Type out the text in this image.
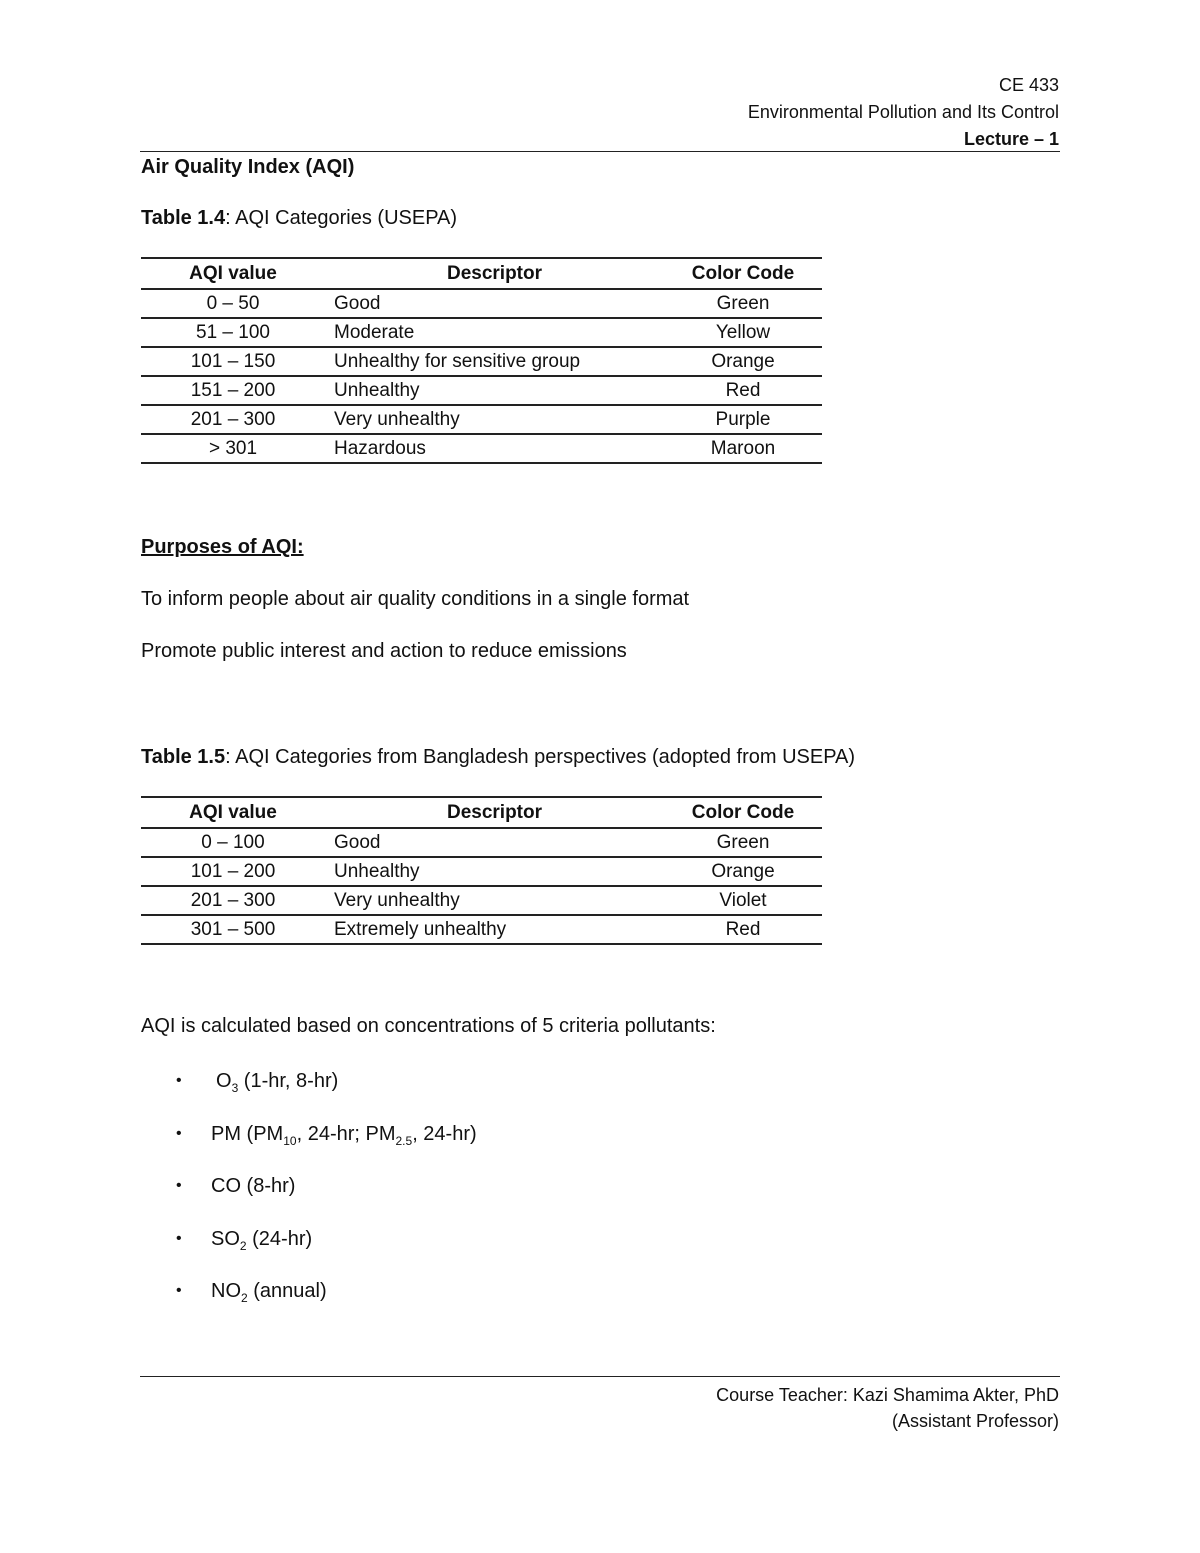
CE 433
Environmental Pollution and Its Control
Lecture – 1
Air Quality Index (AQI)
Table 1.4: AQI Categories (USEPA)
AQI value	Descriptor	Color Code
0 – 50	Good	Green
51 – 100	Moderate	Yellow
101 – 150	Unhealthy for sensitive group	Orange
151 – 200	Unhealthy	Red
201 – 300	Very unhealthy	Purple
> 301	Hazardous	Maroon
Purposes of AQI:
To inform people about air quality conditions in a single format
Promote public interest and action to reduce emissions
Table 1.5: AQI Categories from Bangladesh perspectives (adopted from USEPA)
AQI value	Descriptor	Color Code
0 – 100	Good	Green
101 – 200	Unhealthy	Orange
201 – 300	Very unhealthy	Violet
301 – 500	Extremely unhealthy	Red
AQI is calculated based on concentrations of 5 criteria pollutants:
• $O_3$ (1-hr, 8-hr)
• PM ($PM_{10}$, 24-hr; $PM_{2.5}$, 24-hr)
• CO (8-hr)
• $SO_2$ (24-hr)
• $NO_2$ (annual)
Course Teacher: Kazi Shamima Akter, PhD
(Assistant Professor)
